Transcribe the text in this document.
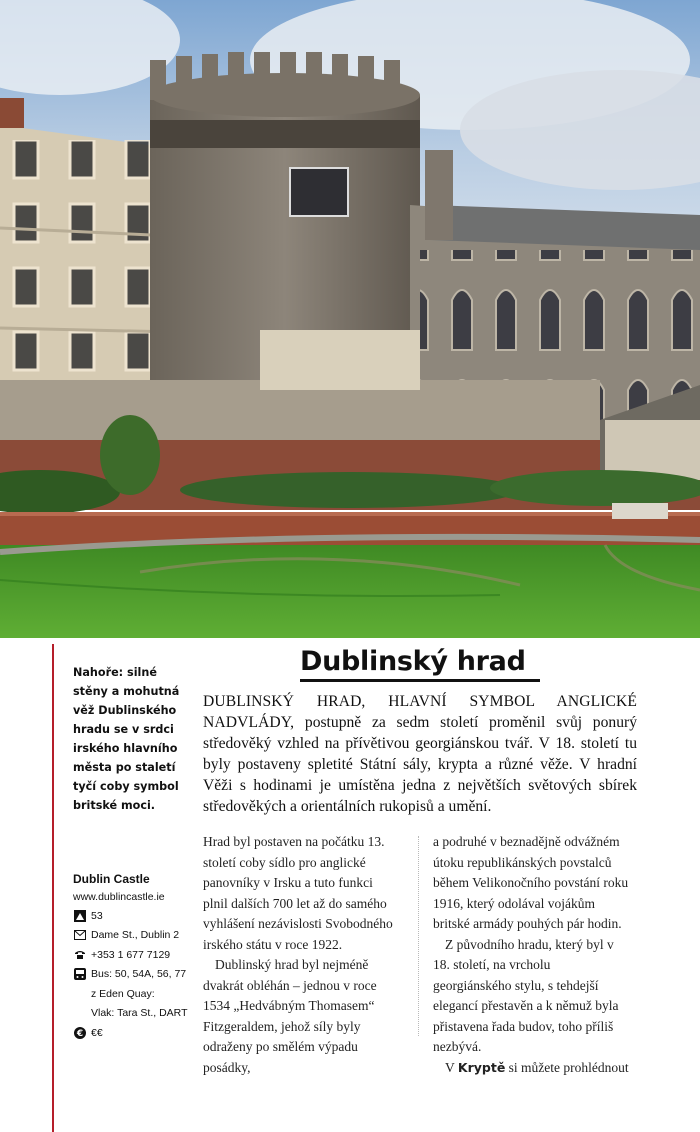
Nahoře: silné stěny a mohutná věž Dublinského hradu se v srdci irského hlavního města po staletí tyčí coby symbol britské moci.
Dublin Castle
www.dublincastle.ie
53
Dame St., Dublin 2
+353 1 677 7129
Bus: 50, 54A, 56, 77
z Eden Quay:
Vlak: Tara St., DART
€ €€
Dublinský hrad
DUBLINSKÝ HRAD, HLAVNÍ SYMBOL ANGLICKÉ NADVLÁDY, postupně za sedm století proměnil svůj ponurý středověký vzhled na přívětivou georgiánskou tvář. V 18. století tu byly postaveny spletité Státní sály, krypta a různé věže. V hradní Věži s hodinami je umístěna jedna z největších světových sbírek středověkých a orientálních rukopisů a umění.

Hrad byl postaven na počátku 13. století coby sídlo pro anglické panovníky v Irsku a tuto funkci plnil dalších 700 let až do samého vyhlášení nezávislosti Svobodného irského státu v roce 1922.

Dublinský hrad byl nejméně dvakrát obléhán – jednou v roce 1534 „Hedvábným Thomasem“ Fitzgeraldem, jehož síly byly odraženy po smělém výpadu posádky,

a podruhé v beznadějně odvážném útoku republikánských povstalců během Velikonočního povstání roku 1916, který odolával vojákům britské armády pouhých pár hodin.

Z původního hradu, který byl v 18. století, na vrcholu georgiánského stylu, s tehdejší elegancí přestavěn a k němuž byla přistavena řada budov, toho příliš nezbývá.

V Kryptě si můžete prohlédnout
